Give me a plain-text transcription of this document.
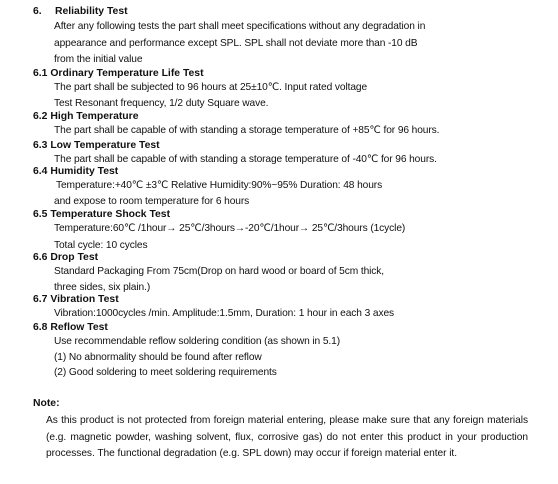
6. Reliability Test
After any following tests the part shall meet specifications without any degradation in
appearance and performance except SPL. SPL shall not deviate more than -10 dB
from the initial value
6.1 Ordinary Temperature Life Test
The part shall be subjected to 96 hours at 25±10℃. Input rated voltage
Test Resonant frequency, 1/2 duty Square wave.
6.2 High Temperature
The part shall be capable of with standing a storage temperature of +85℃ for 96 hours.
6.3 Low Temperature Test
The part shall be capable of with standing a storage temperature of -40℃ for 96 hours.
6.4 Humidity Test
Temperature:+40℃ ±3℃ Relative Humidity:90%~95% Duration: 48 hours
and expose to room temperature for 6 hours
6.5 Temperature Shock Test
Temperature:60℃ /1hour→ 25℃/3hours→-20℃/1hour→ 25℃/3hours (1cycle)
Total cycle: 10 cycles
6.6 Drop Test
Standard Packaging From 75cm(Drop on hard wood or board of 5cm thick,
three sides, six plain.)
6.7 Vibration Test
Vibration:1000cycles /min. Amplitude:1.5mm, Duration: 1 hour in each 3 axes
6.8 Reflow Test
Use recommendable reflow soldering condition (as shown in 5.1)
(1) No abnormality should be found after reflow
(2) Good soldering to meet soldering requirements
Note:
As this product is not protected from foreign material entering, please make sure that any foreign materials (e.g. magnetic powder, washing solvent, flux, corrosive gas) do not enter this product in your production processes. The functional degradation (e.g. SPL down) may occur if foreign material enter it.
